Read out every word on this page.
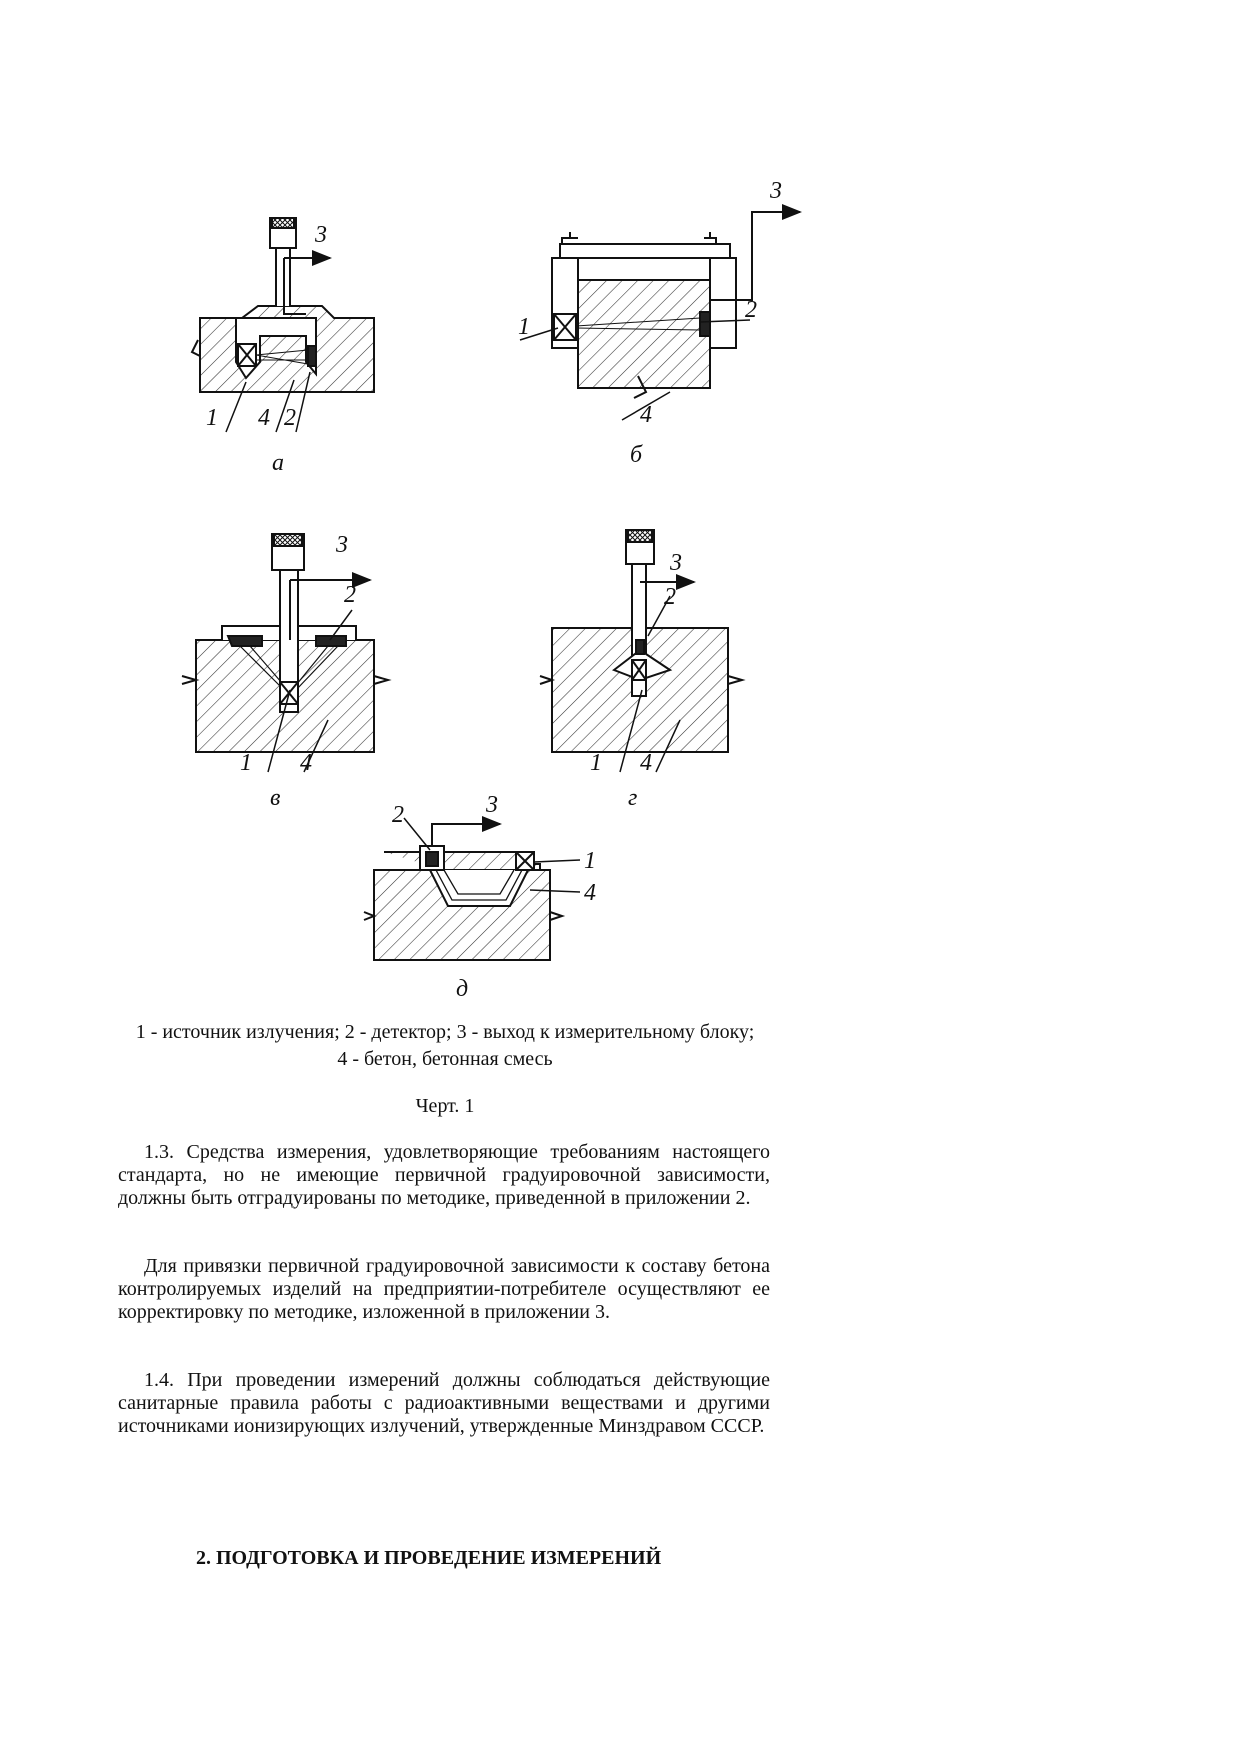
3
1 4 2
а
3
1
2
4
б
3
2
1 4
в
3
2
1 4
г
3
2
1
4
д
1 - источник излучения; 2 - детектор; 3 - выход к измерительному блоку;
4 - бетон, бетонная смесь
Черт. 1

1.3. Средства измерения, удовлетворяющие требованиям настоящего стандарта, но не имеющие первичной градуировочной зависимости, должны быть отградуированы по методике, приведенной в приложении 2.

Для привязки первичной градуировочной зависимости к составу бетона контролируемых изделий на предприятии-потребителе осуществляют ее корректировку по методике, изложенной в приложении 3.

1.4. При проведении измерений должны соблюдаться действующие санитарные правила работы с радиоактивными веществами и другими источниками ионизирующих излучений, утвержденные Минздравом СССР.

2. ПОДГОТОВКА И ПРОВЕДЕНИЕ ИЗМЕРЕНИЙ
